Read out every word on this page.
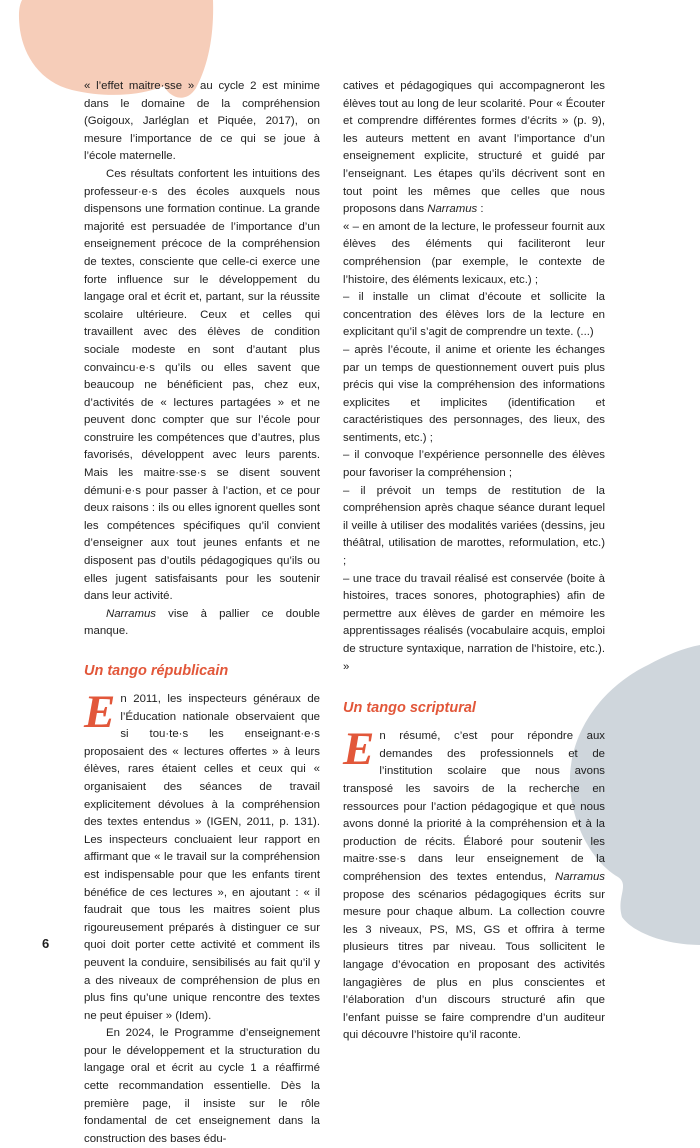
« l’effet maitre·sse » au cycle 2 est minime dans le domaine de la compréhension (Goigoux, Jarléglan et Piquée, 2017), on mesure l’importance de ce qui se joue à l’école maternelle.

Ces résultats confortent les intuitions des professeur·e·s des écoles auxquels nous dispensons une formation continue. La grande majorité est persuadée de l’importance d’un enseignement précoce de la compréhension de textes, consciente que celle-ci exerce une forte influence sur le développement du langage oral et écrit et, partant, sur la réussite scolaire ultérieure. Ceux et celles qui travaillent avec des élèves de condition sociale modeste en sont d’autant plus convaincu·e·s qu’ils ou elles savent que beaucoup ne bénéficient pas, chez eux, d’activités de « lectures partagées » et ne peuvent donc compter que sur l’école pour construire les compétences que d’autres, plus favorisés, développent avec leurs parents. Mais les maitre·sse·s se disent souvent démuni·e·s pour passer à l’action, et ce pour deux raisons : ils ou elles ignorent quelles sont les compétences spécifiques qu’il convient d’enseigner aux tout jeunes enfants et ne disposent pas d’outils pédagogiques qu’ils ou elles jugent satisfaisants pour les soutenir dans leur activité.

Narramus vise à pallier ce double manque.

Un tango républicain

En 2011, les inspecteurs généraux de l’Éducation nationale observaient que si tou·te·s les enseignant·e·s proposaient des « lectures offertes » à leurs élèves, rares étaient celles et ceux qui « organisaient des séances de travail explicitement dévolues à la compréhension des textes entendus » (IGEN, 2011, p. 131). Les inspecteurs concluaient leur rapport en affirmant que « le travail sur la compréhension est indispensable pour que les enfants tirent bénéfice de ces lectures », en ajoutant : « il faudrait que tous les maitres soient plus rigoureusement préparés à distinguer ce sur quoi doit porter cette activité et comment ils peuvent la conduire, sensibilisés au fait qu’il y a des niveaux de compréhension de plus en plus fins qu’une unique rencontre des textes ne peut épuiser » (Idem).

En 2024, le Programme d’enseignement pour le développement et la structuration du langage oral et écrit au cycle 1 a réaffirmé cette recommandation essentielle. Dès la première page, il insiste sur le rôle fondamental de cet enseignement dans la construction des bases édu-

catives et pédagogiques qui accompagneront les élèves tout au long de leur scolarité. Pour « Écouter et comprendre différentes formes d’écrits » (p. 9), les auteurs mettent en avant l’importance d’un enseignement explicite, structuré et guidé par l’enseignant. Les étapes qu’ils décrivent sont en tout point les mêmes que celles que nous proposons dans Narramus :

« – en amont de la lecture, le professeur fournit aux élèves des éléments qui faciliteront leur compréhension (par exemple, le contexte de l’histoire, des éléments lexicaux, etc.) ;

– il installe un climat d’écoute et sollicite la concentration des élèves lors de la lecture en explicitant qu’il s’agit de comprendre un texte. (...)

– après l’écoute, il anime et oriente les échanges par un temps de questionnement ouvert puis plus précis qui vise la compréhension des informations explicites et implicites (identification et caractéristiques des personnages, des lieux, des sentiments, etc.) ;

– il convoque l’expérience personnelle des élèves pour favoriser la compréhension ;

– il prévoit un temps de restitution de la compréhension après chaque séance durant lequel il veille à utiliser des modalités variées (dessins, jeu théâtral, utilisation de marottes, reformulation, etc.) ;

– une trace du travail réalisé est conservée (boite à histoires, traces sonores, photographies) afin de permettre aux élèves de garder en mémoire les apprentissages réalisés (vocabulaire acquis, emploi de structure syntaxique, narration de l’histoire, etc.). »

Un tango scriptural

En résumé, c’est pour répondre aux demandes des professionnels et de l’institution scolaire que nous avons transposé les savoirs de la recherche en ressources pour l’action pédagogique et que nous avons donné la priorité à la compréhension et à la production de récits. Élaboré pour soutenir les maitre·sse·s dans leur enseignement de la compréhension des textes entendus, Narramus propose des scénarios pédagogiques écrits sur mesure pour chaque album. La collection couvre les 3 niveaux, PS, MS, GS et offrira à terme plusieurs titres par niveau. Tous sollicitent le langage d’évocation en proposant des activités langagières de plus en plus conscientes et l’élaboration d’un discours structuré afin que l’enfant puisse se faire comprendre d’un auditeur qui découvre l’histoire qu’il raconte.

6
